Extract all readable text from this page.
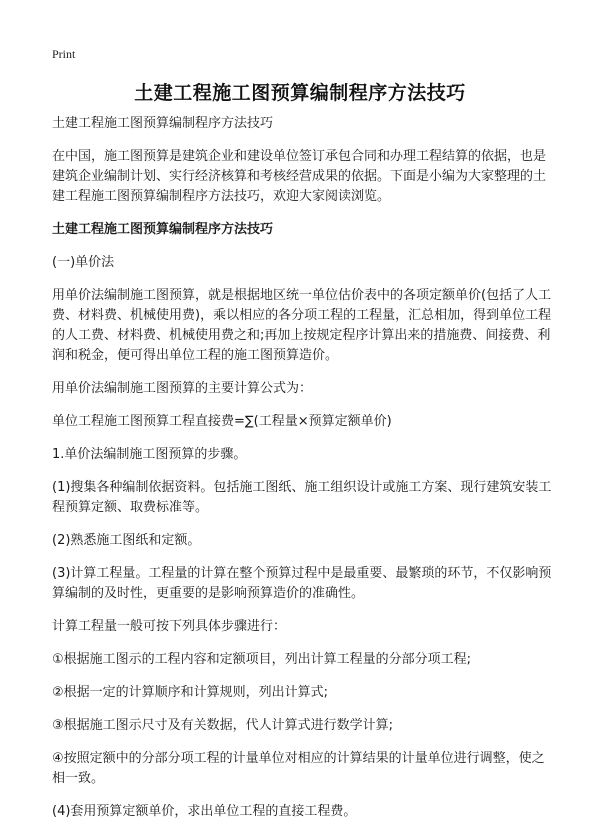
Print
土建工程施工图预算编制程序方法技巧

土建工程施工图预算编制程序方法技巧

在中国，施工图预算是建筑企业和建设单位签订承包合同和办理工程结算的依据，也是建筑企业编制计划、实行经济核算和考核经营成果的依据。下面是小编为大家整理的土建工程施工图预算编制程序方法技巧，欢迎大家阅读浏览。

土建工程施工图预算编制程序方法技巧

(一)单价法

用单价法编制施工图预算，就是根据地区统一单位估价表中的各项定额单价(包括了人工费、材料费、机械使用费)，乘以相应的各分项工程的工程量，汇总相加，得到单位工程的人工费、材料费、机械使用费之和;再加上按规定程序计算出来的措施费、间接费、利润和税金，便可得出单位工程的施工图预算造价。

用单价法编制施工图预算的主要计算公式为：

单位工程施工图预算工程直接费=∑(工程量×预算定额单价)

1.单价法编制施工图预算的步骤。

(1)搜集各种编制依据资料。包括施工图纸、施工组织设计或施工方案、现行建筑安装工程预算定额、取费标准等。

(2)熟悉施工图纸和定额。

(3)计算工程量。工程量的计算在整个预算过程中是最重要、最繁琐的环节，不仅影响预算编制的及时性，更重要的是影响预算造价的准确性。

计算工程量一般可按下列具体步骤进行：

①根据施工图示的工程内容和定额项目，列出计算工程量的分部分项工程;

②根据一定的计算顺序和计算规则，列出计算式;

③根据施工图示尺寸及有关数据，代人计算式进行数学计算;

④按照定额中的分部分项工程的计量单位对相应的计算结果的计量单位进行调整，使之相一致。

(4)套用预算定额单价，求出单位工程的直接工程费。
